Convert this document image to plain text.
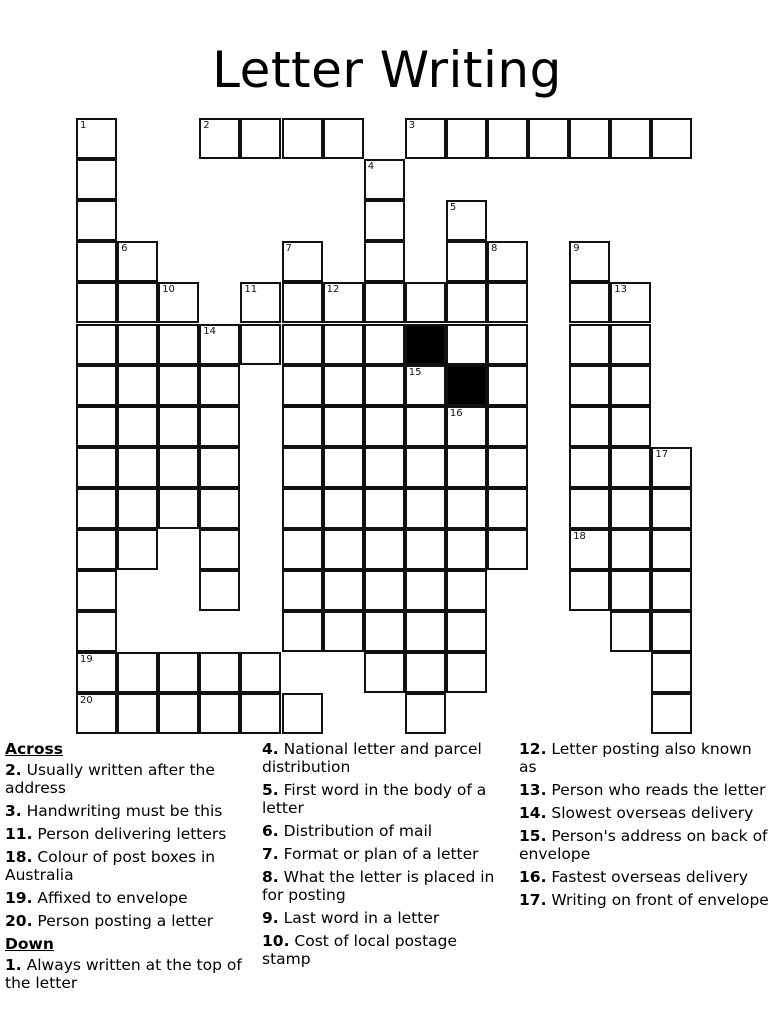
Letter Writing
1	2	3
4
5
6	7	8	9
10	11	12	13
14
15
16
17
18
19
20
Across
2. Usually written after the address
3. Handwriting must be this
11. Person delivering letters
18. Colour of post boxes in Australia
19. Affixed to envelope
20. Person posting a letter
Down
1. Always written at the top of the letter
4. National letter and parcel distribution
5. First word in the body of a letter
6. Distribution of mail
7. Format or plan of a letter
8. What the letter is placed in for posting
9. Last word in a letter
10. Cost of local postage stamp
12. Letter posting also known as
13. Person who reads the letter
14. Slowest overseas delivery
15. Person's address on back of envelope
16. Fastest overseas delivery
17. Writing on front of envelope
